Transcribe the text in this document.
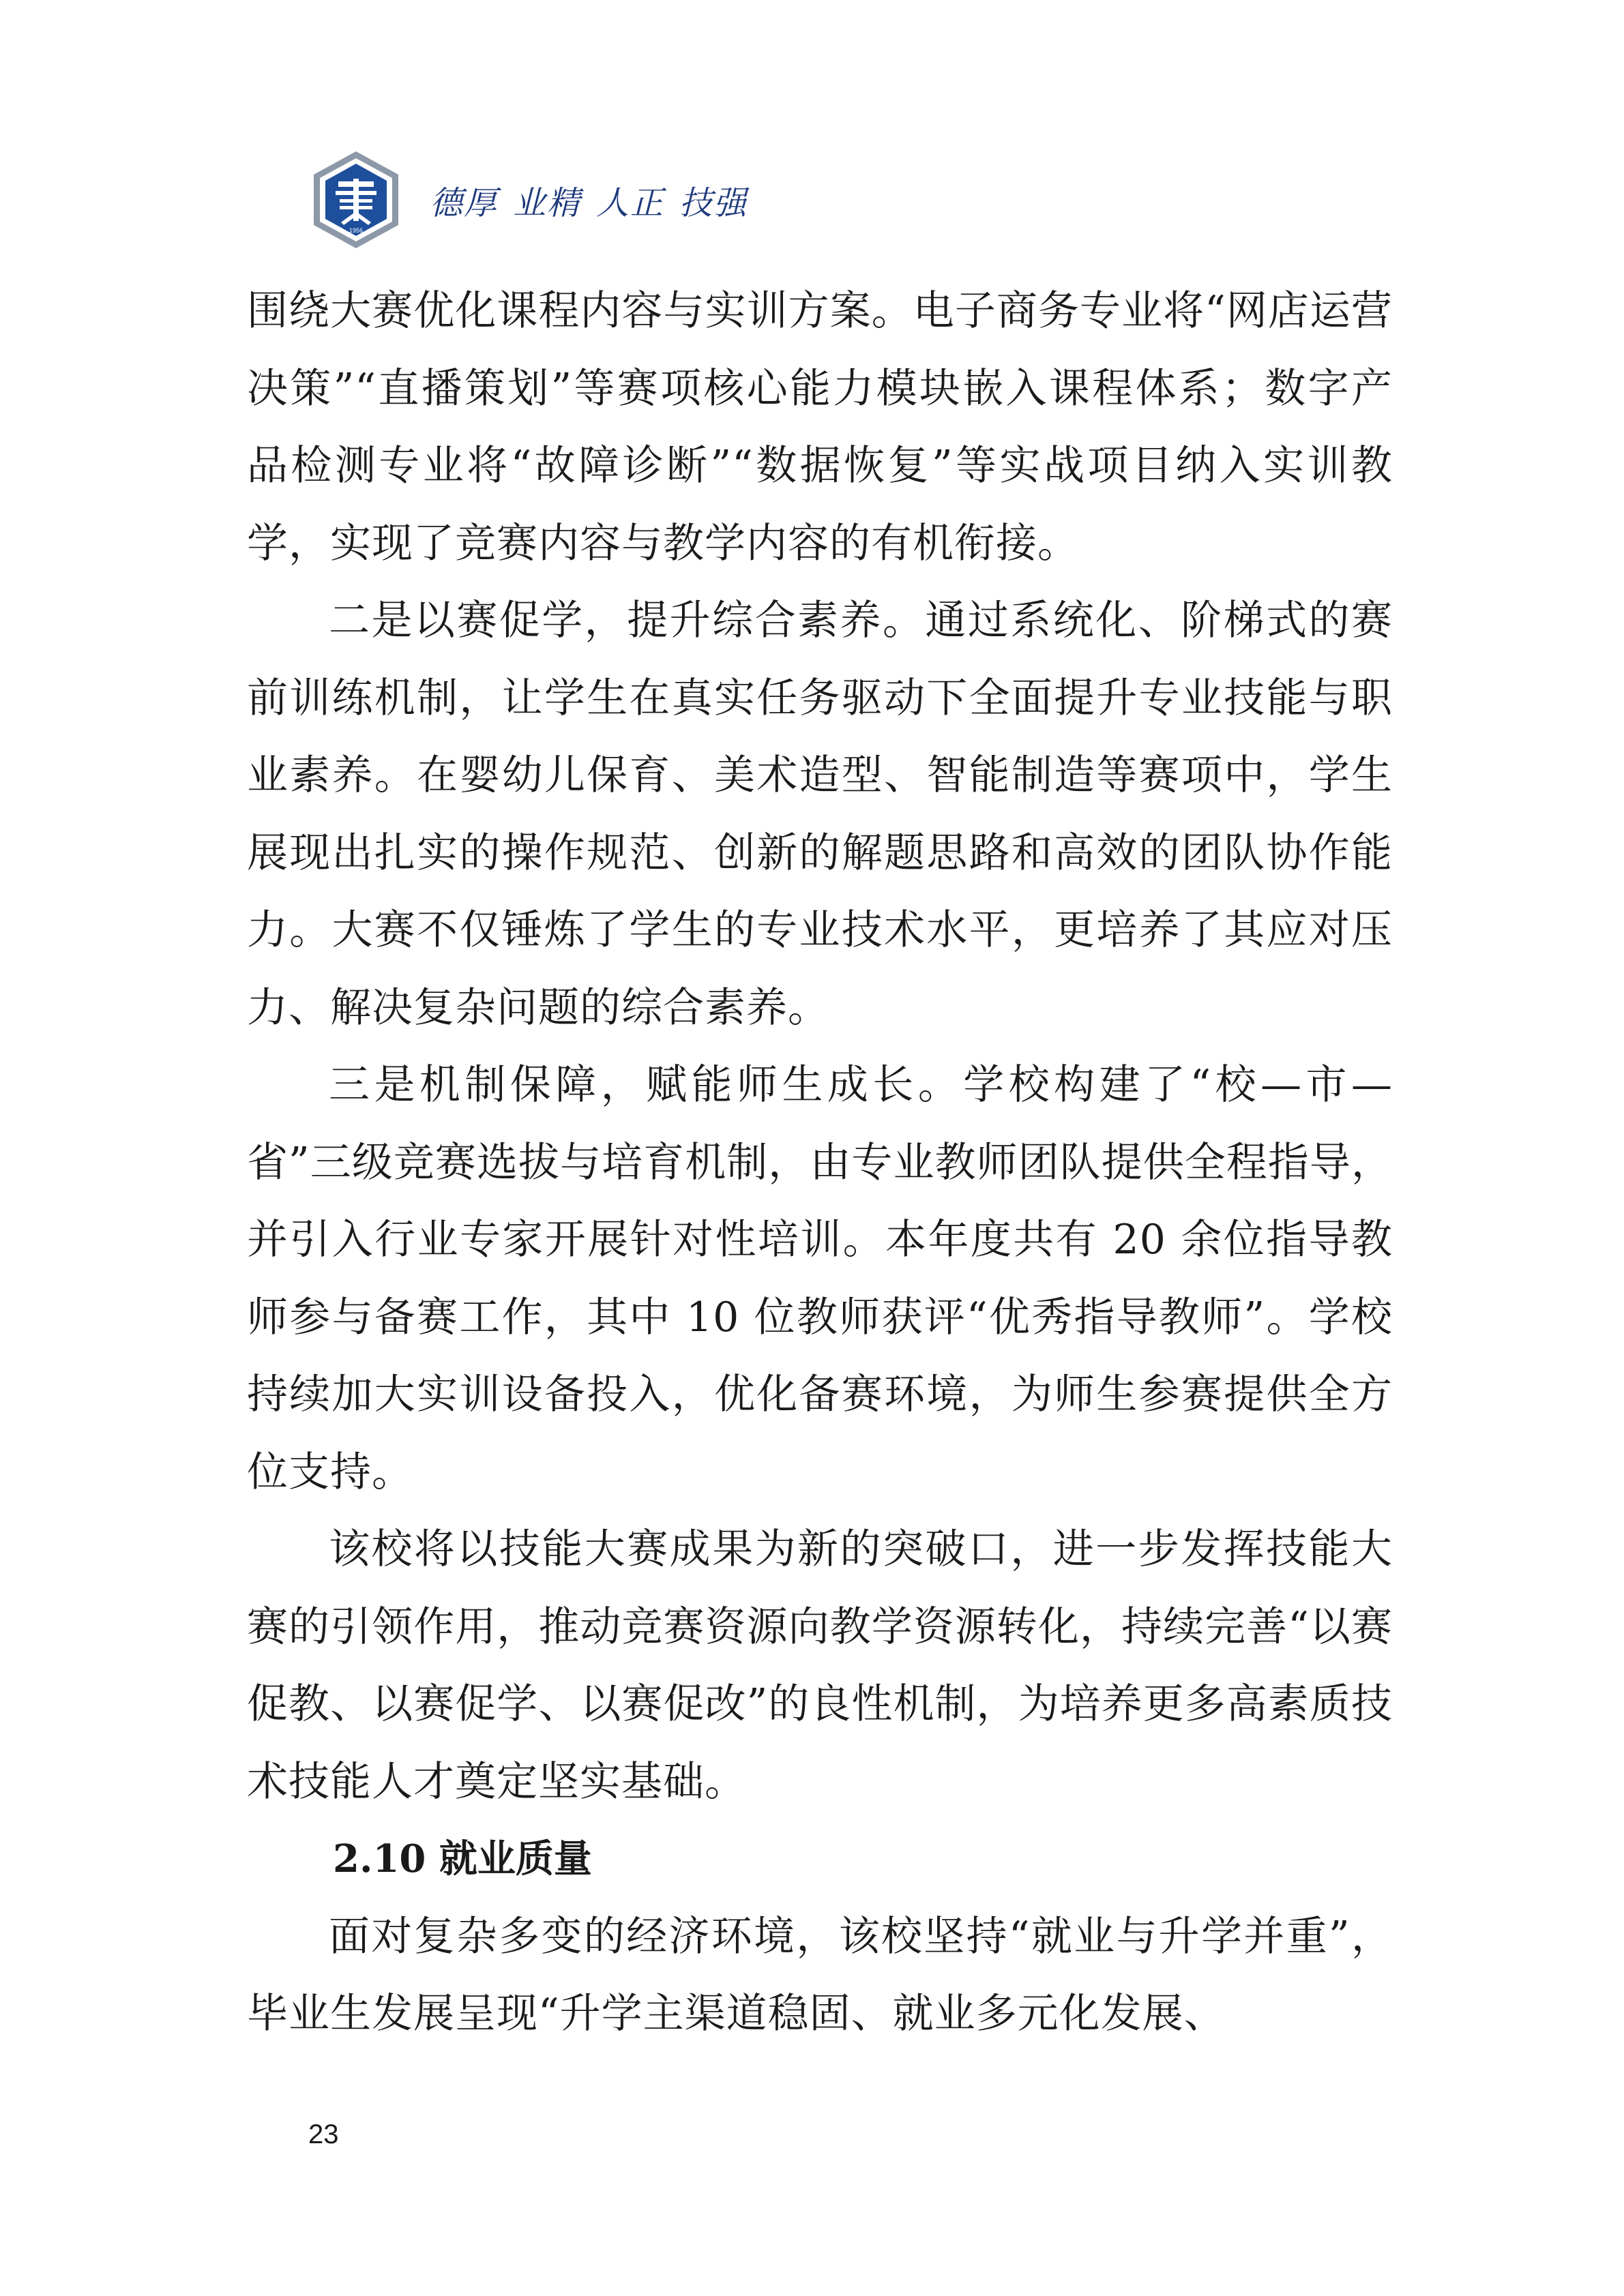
1956
德厚 业精 人正 技强

围绕大赛优化课程内容与实训方案。电子商务专业将“网店运营决策”“直播策划”等赛项核心能力模块嵌入课程体系；数字产品检测专业将“故障诊断”“数据恢复”等实战项目纳入实训教学，实现了竞赛内容与教学内容的有机衔接。

二是以赛促学，提升综合素养。通过系统化、阶梯式的赛前训练机制，让学生在真实任务驱动下全面提升专业技能与职业素养。在婴幼儿保育、美术造型、智能制造等赛项中，学生展现出扎实的操作规范、创新的解题思路和高效的团队协作能力。大赛不仅锤炼了学生的专业技术水平，更培养了其应对压力、解决复杂问题的综合素养。

三是机制保障，赋能师生成长。学校构建了“校—市—省”三级竞赛选拔与培育机制，由专业教师团队提供全程指导，并引入行业专家开展针对性培训。本年度共有 20 余位指导教师参与备赛工作，其中 10 位教师获评“优秀指导教师”。学校持续加大实训设备投入，优化备赛环境，为师生参赛提供全方位支持。

该校将以技能大赛成果为新的突破口，进一步发挥技能大赛的引领作用，推动竞赛资源向教学资源转化，持续完善“以赛促教、以赛促学、以赛促改”的良性机制，为培养更多高素质技术技能人才奠定坚实基础。

2.10 就业质量

面对复杂多变的经济环境，该校坚持“就业与升学并重”，毕业生发展呈现“升学主渠道稳固、就业多元化发展、

23
